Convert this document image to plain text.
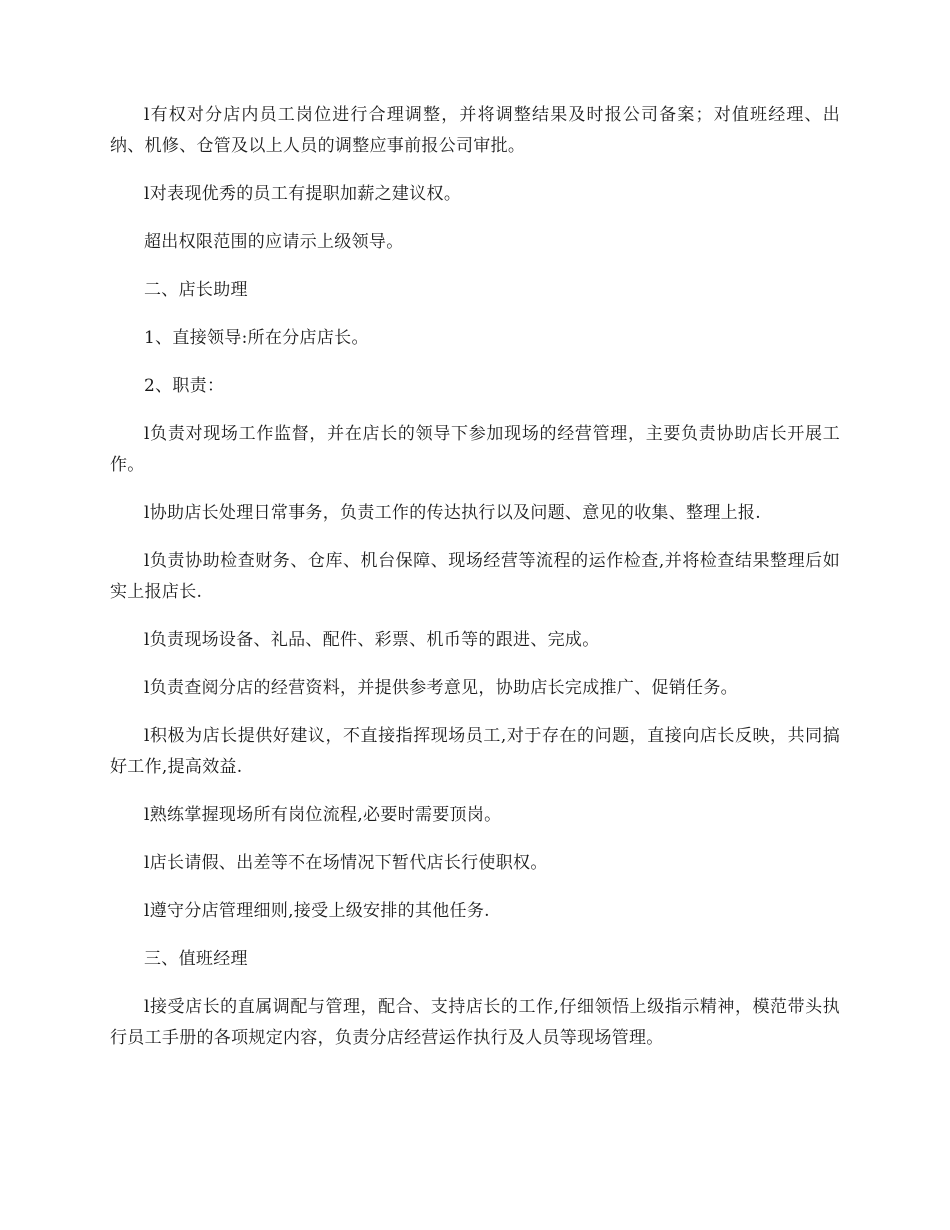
l有权对分店内员工岗位进行合理调整，并将调整结果及时报公司备案；对值班经理、出纳、机修、仓管及以上人员的调整应事前报公司审批。

l对表现优秀的员工有提职加薪之建议权。

超出权限范围的应请示上级领导。

二、店长助理

1、直接领导:所在分店店长。

2、职责：

l负责对现场工作监督，并在店长的领导下参加现场的经营管理，主要负责协助店长开展工作。

l协助店长处理日常事务，负责工作的传达执行以及问题、意见的收集、整理上报.

l负责协助检查财务、仓库、机台保障、现场经营等流程的运作检查,并将检查结果整理后如实上报店长.

l负责现场设备、礼品、配件、彩票、机币等的跟进、完成。

l负责查阅分店的经营资料，并提供参考意见，协助店长完成推广、促销任务。

l积极为店长提供好建议，不直接指挥现场员工,对于存在的问题，直接向店长反映，共同搞好工作,提高效益.

l熟练掌握现场所有岗位流程,必要时需要顶岗。

l店长请假、出差等不在场情况下暂代店长行使职权。

l遵守分店管理细则,接受上级安排的其他任务.

三、值班经理

l接受店长的直属调配与管理，配合、支持店长的工作,仔细领悟上级指示精神，模范带头执行员工手册的各项规定内容，负责分店经营运作执行及人员等现场管理。
